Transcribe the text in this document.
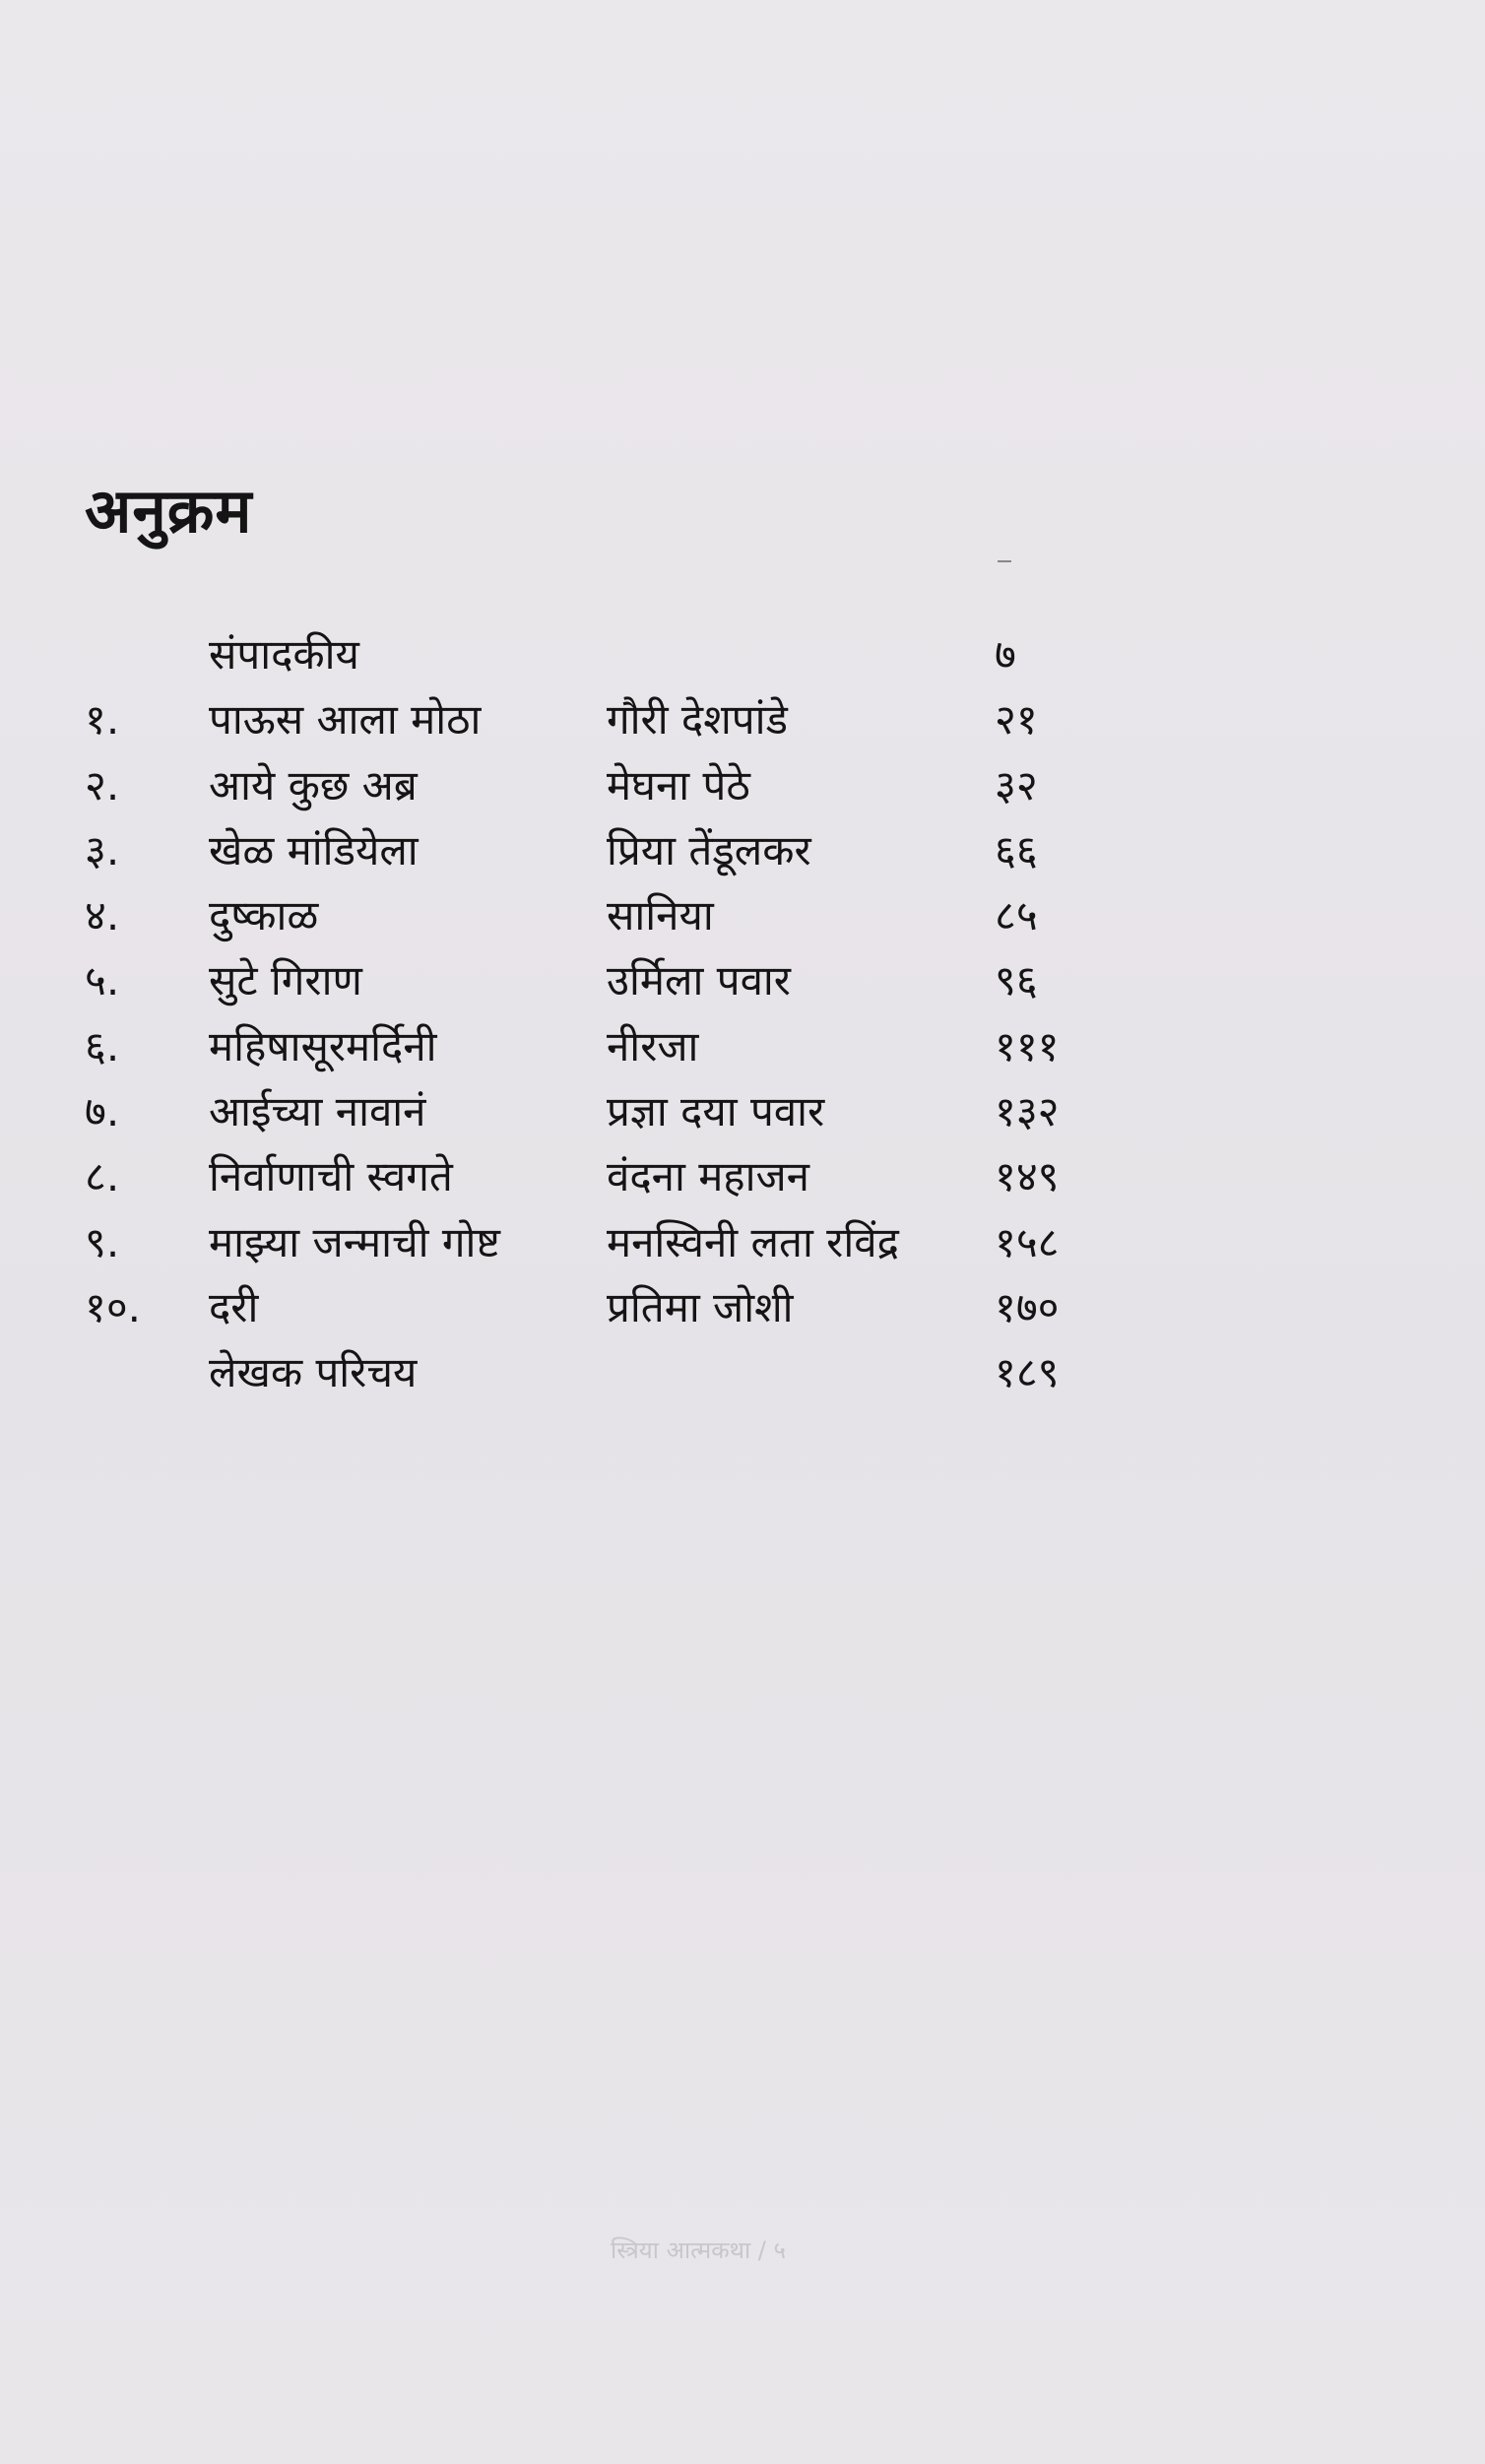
अनुक्रम
संपादकीय	७
१. पाऊस आला मोठा	गौरी देशपांडे	२१
२. आये कुछ अब्र	मेघना पेठे	३२
३. खेळ मांडियेला	प्रिया तेंडूलकर	६६
४. दुष्काळ	सानिया	८५
५. सुटे गिराण	उर्मिला पवार	९६
६. महिषासूरमर्दिनी	नीरजा	१११
७. आईच्या नावानं	प्रज्ञा दया पवार	१३२
८. निर्वाणाची स्वगते	वंदना महाजन	१४९
९. माझ्या जन्माची गोष्ट	मनस्विनी लता रविंद्र १५८
१०. दरी	प्रतिमा जोशी	१७०
लेखक परिचय	१८९
स्त्रिया आत्मकथा / ५
